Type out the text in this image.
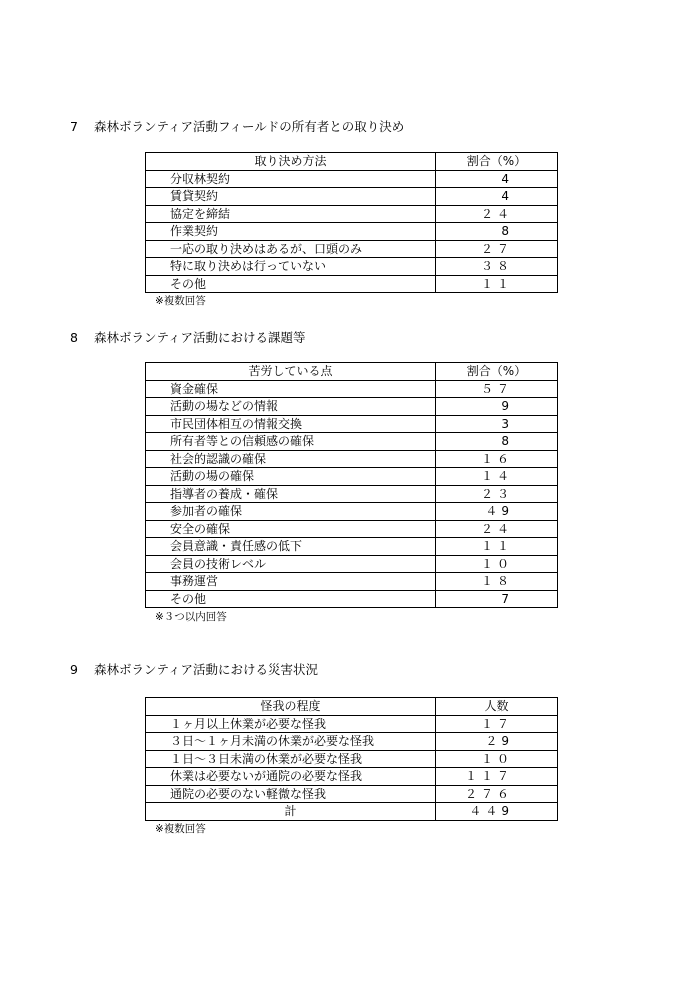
7 森林ボランティア活動フィールドの所有者との取り決め
取り決め方法	割合（%）
分収林契約	4
賃貸契約	4
協定を締結	２４
作業契約	8
一応の取り決めはあるが、口頭のみ	２７
特に取り決めは行っていない	３８
その他	１１
※複数回答
8 森林ボランティア活動における課題等
苦労している点	割合（%）
資金確保	５７
活動の場などの情報	9
市民団体相互の情報交換	3
所有者等との信頼感の確保	8
社会的認識の確保	１６
活動の場の確保	１４
指導者の養成・確保	２３
参加者の確保	４9
安全の確保	２４
会員意識・責任感の低下	１１
会員の技術レベル	１０
事務運営	１８
その他	7
※３つ以内回答
9 森林ボランティア活動における災害状況
怪我の程度	人数
１ヶ月以上休業が必要な怪我	１７
３日～１ヶ月未満の休業が必要な怪我	２9
１日～３日未満の休業が必要な怪我	１０
休業は必要ないが通院の必要な怪我	１１７
通院の必要のない軽微な怪我	２７６
計	４４9
※複数回答
